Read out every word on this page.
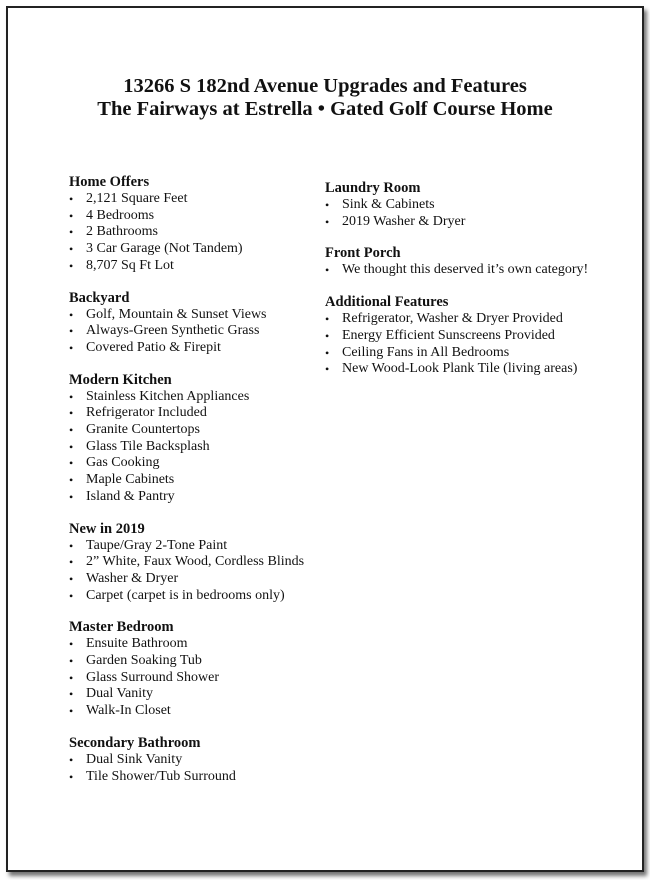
13266 S 182nd Avenue Upgrades and Features
The Fairways at Estrella • Gated Golf Course Home
Home Offers
• 2,121 Square Feet
• 4 Bedrooms
• 2 Bathrooms
• 3 Car Garage (Not Tandem)
• 8,707 Sq Ft Lot
Backyard
• Golf, Mountain & Sunset Views
• Always-Green Synthetic Grass
• Covered Patio & Firepit
Modern Kitchen
• Stainless Kitchen Appliances
• Refrigerator Included
• Granite Countertops
• Glass Tile Backsplash
• Gas Cooking
• Maple Cabinets
• Island & Pantry
New in 2019
• Taupe/Gray 2-Tone Paint
• 2” White, Faux Wood, Cordless Blinds
• Washer & Dryer
• Carpet (carpet is in bedrooms only)
Master Bedroom
• Ensuite Bathroom
• Garden Soaking Tub
• Glass Surround Shower
• Dual Vanity
• Walk-In Closet
Secondary Bathroom
• Dual Sink Vanity
• Tile Shower/Tub Surround
Laundry Room
• Sink & Cabinets
• 2019 Washer & Dryer
Front Porch
• We thought this deserved it’s own category!
Additional Features
• Refrigerator, Washer & Dryer Provided
• Energy Efficient Sunscreens Provided
• Ceiling Fans in All Bedrooms
• New Wood-Look Plank Tile (living areas)
